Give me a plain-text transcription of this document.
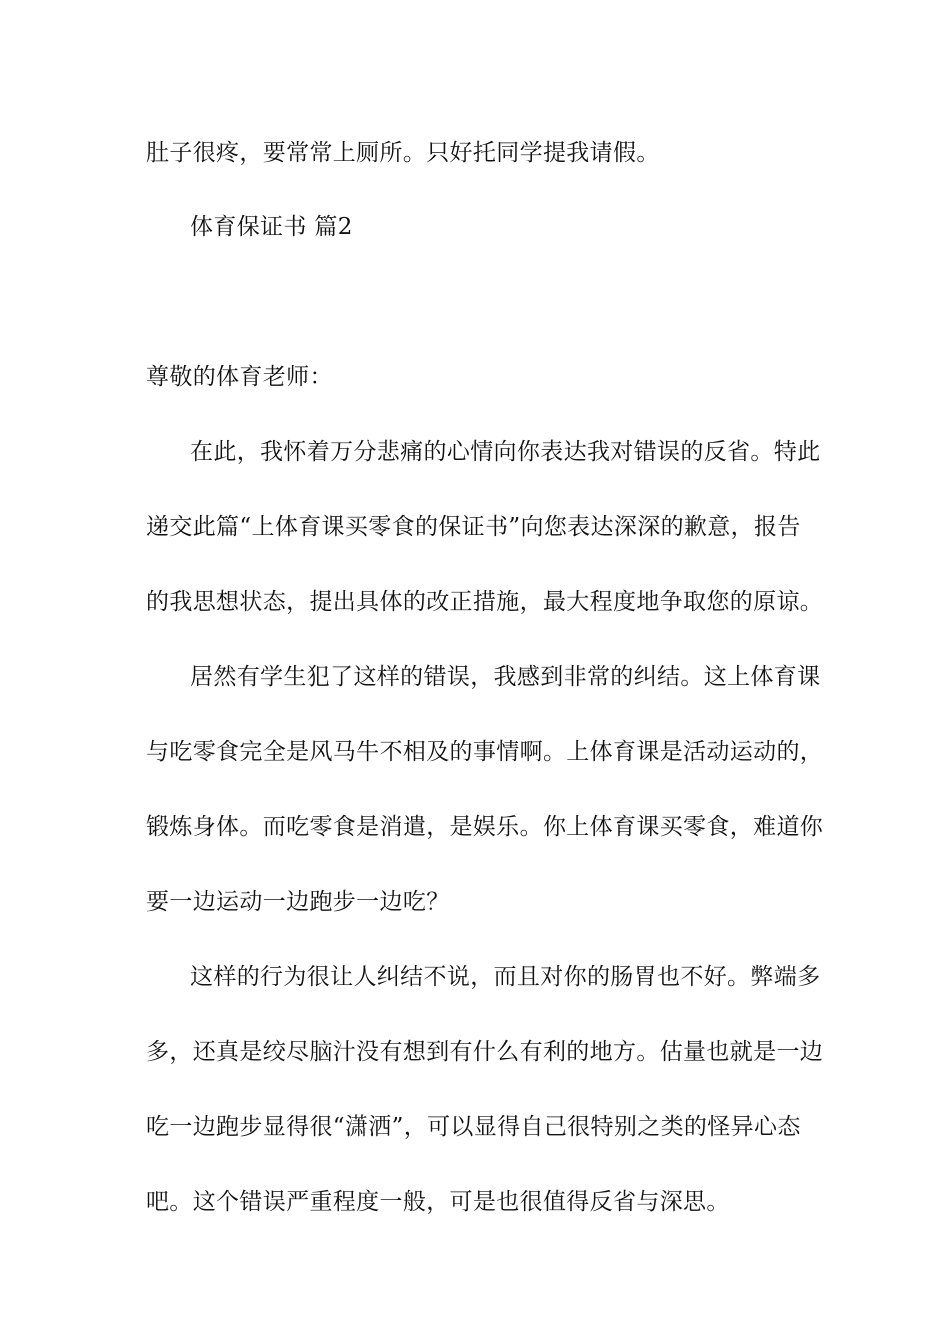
肚子很疼，要常常上厕所。只好托同学提我请假。
体育保证书 篇2
尊敬的体育老师：
在此，我怀着万分悲痛的心情向你表达我对错误的反省。特此
递交此篇“上体育课买零食的保证书”向您表达深深的歉意，报告
的我思想状态，提出具体的改正措施，最大程度地争取您的原谅。
居然有学生犯了这样的错误，我感到非常的纠结。这上体育课
与吃零食完全是风马牛不相及的事情啊。上体育课是活动运动的，
锻炼身体。而吃零食是消遣，是娱乐。你上体育课买零食，难道你
要一边运动一边跑步一边吃？
这样的行为很让人纠结不说，而且对你的肠胃也不好。弊端多
多，还真是绞尽脑汁没有想到有什么有利的地方。估量也就是一边
吃一边跑步显得很“潇洒”，可以显得自己很特别之类的怪异心态
吧。这个错误严重程度一般，可是也很值得反省与深思。
